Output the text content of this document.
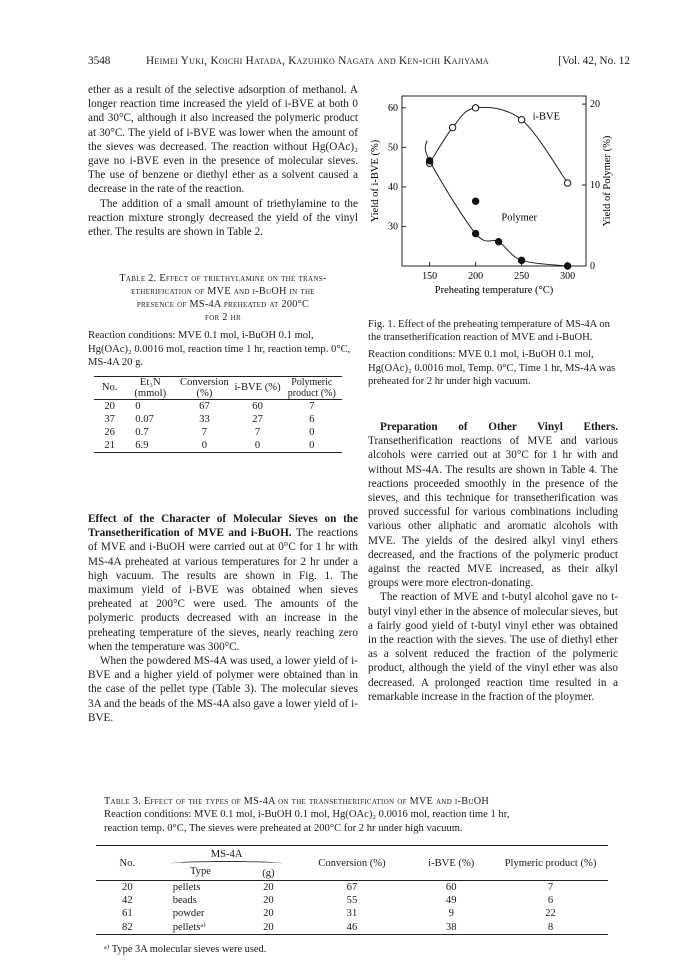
3548	Heimei Yuki, Koichi Hatada, Kazuhiko Nagata and Ken-ichi Kajiyama	[Vol. 42, No. 12

ether as a result of the selective adsorption of methanol. A longer reaction time increased the yield of i-BVE at both 0 and 30°C, although it also increased the polymeric product at 30°C. The yield of i-BVE was lower when the amount of the sieves was decreased. The reaction without Hg(OAc)₂ gave no i-BVE even in the presence of molecular sieves. The use of benzene or diethyl ether as a solvent caused a decrease in the rate of the reaction.

The addition of a small amount of triethylamine to the reaction mixture strongly decreased the yield of the vinyl ether. The results are shown in Table 2.

Table 2. Effect of triethylamine on the trans-
etherification of MVE and i-BuOH in the
presence of MS-4A preheated at 200°C
for 2 hr

Reaction conditions: MVE 0.1 mol, i-BuOH 0.1 mol, Hg(OAc)₂ 0.0016 mol, reaction time 1 hr, reaction temp. 0°C, MS-4A 20 g.

No.	Et₃N (mmol)	Conversion (%)	i-BVE (%)	Polymeric product (%)
20	0	67	60	7
37	0.07	33	27	6
26	0.7	7	7	0
21	6.9	0	0	0

Effect of the Character of Molecular Sieves on the Transetherification of MVE and i-BuOH. The reactions of MVE and i-BuOH were carried out at 0°C for 1 hr with MS-4A preheated at various temperatures for 2 hr under a high vacuum. The results are shown in Fig. 1. The maximum yield of i-BVE was obtained when sieves preheated at 200°C were used. The amounts of the polymeric products decreased with an increase in the preheating temperature of the sieves, nearly reaching zero when the temperature was 300°C.

When the powdered MS-4A was used, a lower yield of i-BVE and a higher yield of polymer were obtained than in the case of the pellet type (Table 3). The molecular sieves 3A and the beads of the MS-4A also gave a lower yield of i-BVE.

150	200	250	300
30
40
50
60
0
10
20
Preheating temperature (°C)
Yield of i-BVE (%)	Yield of Polymer (%)
i-BVE
Polymer

Fig. 1. Effect of the preheating temperature of MS-4A on the transetherification reaction of MVE and i-BuOH.

Reaction conditions: MVE 0.1 mol, i-BuOH 0.1 mol, Hg(OAc)₂ 0.0016 mol, Temp. 0°C, Time 1 hr, MS-4A was preheated for 2 hr under high vacuum.

Preparation of Other Vinyl Ethers. Transetherification reactions of MVE and various alcohols were carried out at 30°C for 1 hr with and without MS-4A. The results are shown in Table 4. The reactions proceeded smoothly in the presence of the sieves, and this technique for transetherification was proved successful for various combinations including various other aliphatic and aromatic alcohols with MVE. The yields of the desired alkyl vinyl ethers decreased, and the fractions of the polymeric product against the reacted MVE increased, as their alkyl groups were more electron-donating.

The reaction of MVE and t-butyl alcohol gave no t-butyl vinyl ether in the absence of molecular sieves, but a fairly good yield of t-butyl vinyl ether was obtained in the reaction with the sieves. The use of diethyl ether as a solvent reduced the fraction of the polymeric product, although the yield of the vinyl ether was also decreased. A prolonged reaction time resulted in a remarkable increase in the fraction of the ploymer.

Table 3. Effect of the types of MS-4A on the transetherification of MVE and i-BuOH

Reaction conditions: MVE 0.1 mol, i-BuOH 0.1 mol, Hg(OAc)₂ 0.0016 mol, reaction time 1 hr,
reaction temp. 0°C, The sieves were preheated at 200°C for 2 hr under high vacuum.

No.	MS-4A		Conversion (%)	i-BVE (%)	Plymeric product (%)
	Type	(g)			
20	pellets	20	67	60	7
42	beads	20	55	49	6
61	powder	20	31	9	22
82	pelletsᵃ⁾	20	46	38	8

ᵃ⁾ Type 3A molecular sieves were used.
